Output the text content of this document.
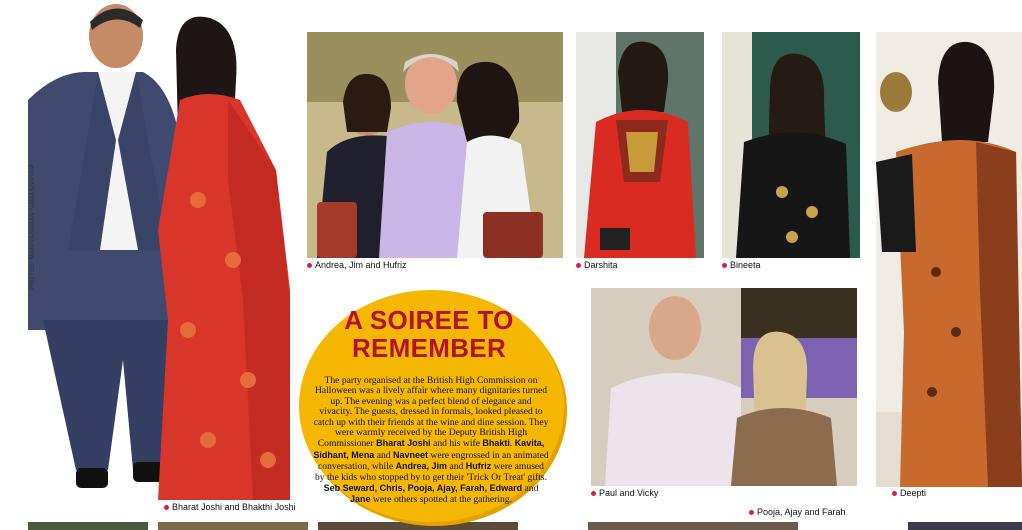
PHOTOS: MANIVASAGAN NAMASIVAYAM
Bharat Joshi and Bhakthi Joshi
Andrea, Jim and Hufriz	Darshita	Bineeta
Deepti
Paul and Vicky
Pooja, Ajay and Farah
A SOIREE TO
REMEMBER
The party organised at the British High Commission on Halloween was a lively affair where many dignitaries turned up. The evening was a perfect blend of elegance and vivacity. The guests, dressed in formals, looked pleased to catch up with their friends at the wine and dine session. They were warmly received by the Deputy British High Commissioner Bharat Joshi and his wife Bhakti. Kavita, Sidhant, Mena and Navneet were engrossed in an animated conversation, while Andrea, Jim and Hufriz were amused by the kids who stopped by to get their 'Trick Or Treat' gifts. Seb Seward, Chris, Pooja, Ajay, Farah, Edward and Jane were others spotted at the gathering.
